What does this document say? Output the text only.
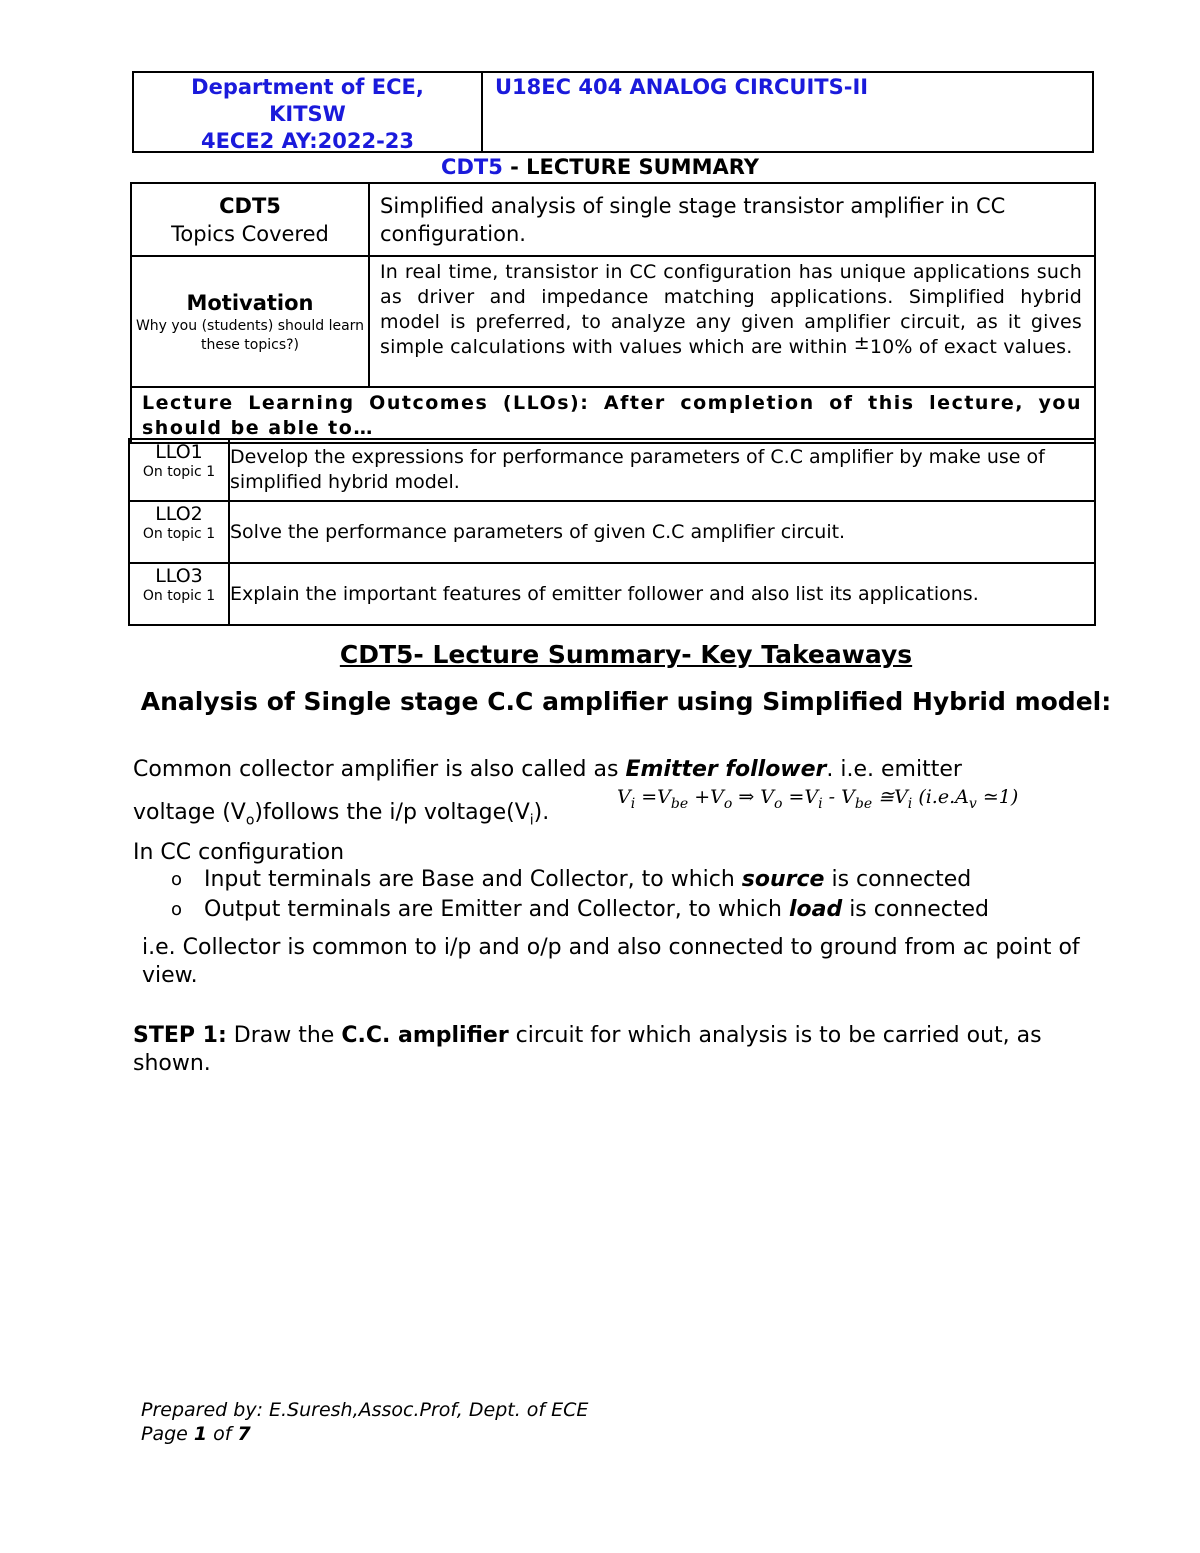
Department of ECE,
KITSW
4ECE2 AY:2022-23
U18EC 404 ANALOG CIRCUITS-II
CDT5 - LECTURE SUMMARY
CDT5
Topics Covered	Simplified analysis of single stage transistor amplifier in CC configuration.

Motivation
Why you (students) should learn these topics?)	In real time, transistor in CC configuration has unique applications such as driver and impedance matching applications. Simplified hybrid model is preferred, to analyze any given amplifier circuit, as it gives simple calculations with values which are within ±10% of exact values.

Lecture Learning Outcomes (LLOs): After completion of this lecture, you should be able to…	
LLO1
On topic 1	Develop the expressions for performance parameters of C.C amplifier by make use of simplified hybrid model.

LLO2
On topic 1	Solve the performance parameters of given C.C amplifier circuit.

LLO3
On topic 1	Explain the important features of emitter follower and also list its applications.
CDT5- Lecture Summary- Key Takeaways
Analysis of Single stage C.C amplifier using Simplified Hybrid model:
Common collector amplifier is also called as Emitter follower. i.e. emitter
voltage $(V_o)follows$ the i/p $voltage(V_i)$.
$V_i =V_{be} +V_o$ ⇒ $V_o =V_i - V_{be}$ $≅V_i$ ($i.e.A_v$ ≃1)
In CC configuration
o Input terminals are Base and Collector, to which source is connected
o Output terminals are Emitter and Collector, to which load is connected
i.e. Collector is common to i/p and o/p and also connected to ground from ac point of view.
STEP 1: Draw the C.C. amplifier circuit for which analysis is to be carried out, as shown.
Prepared by: E.Suresh,Assoc.Prof, Dept. of ECE
Page 1 of 7
